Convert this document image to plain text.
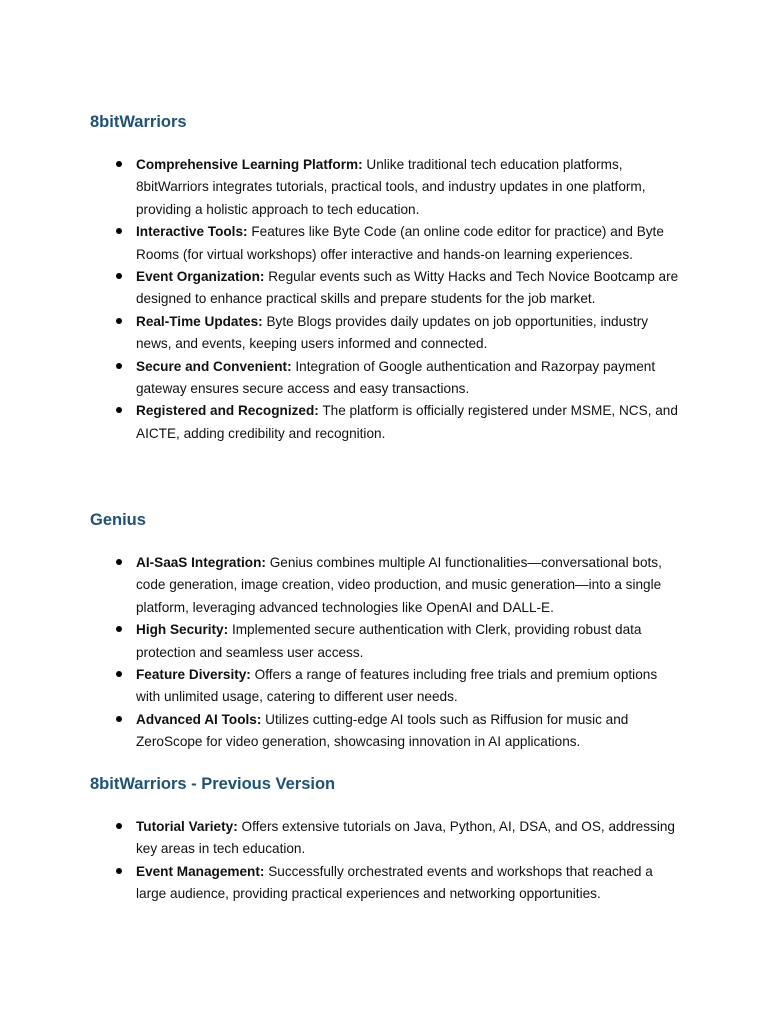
8bitWarriors
Comprehensive Learning Platform: Unlike traditional tech education platforms, 8bitWarriors integrates tutorials, practical tools, and industry updates in one platform, providing a holistic approach to tech education.
Interactive Tools: Features like Byte Code (an online code editor for practice) and Byte Rooms (for virtual workshops) offer interactive and hands-on learning experiences.
Event Organization: Regular events such as Witty Hacks and Tech Novice Bootcamp are designed to enhance practical skills and prepare students for the job market.
Real-Time Updates: Byte Blogs provides daily updates on job opportunities, industry news, and events, keeping users informed and connected.
Secure and Convenient: Integration of Google authentication and Razorpay payment gateway ensures secure access and easy transactions.
Registered and Recognized: The platform is officially registered under MSME, NCS, and AICTE, adding credibility and recognition.
Genius
AI-SaaS Integration: Genius combines multiple AI functionalities—conversational bots, code generation, image creation, video production, and music generation—into a single platform, leveraging advanced technologies like OpenAI and DALL-E.
High Security: Implemented secure authentication with Clerk, providing robust data protection and seamless user access.
Feature Diversity: Offers a range of features including free trials and premium options with unlimited usage, catering to different user needs.
Advanced AI Tools: Utilizes cutting-edge AI tools such as Riffusion for music and ZeroScope for video generation, showcasing innovation in AI applications.
8bitWarriors - Previous Version
Tutorial Variety: Offers extensive tutorials on Java, Python, AI, DSA, and OS, addressing key areas in tech education.
Event Management: Successfully orchestrated events and workshops that reached a large audience, providing practical experiences and networking opportunities.
